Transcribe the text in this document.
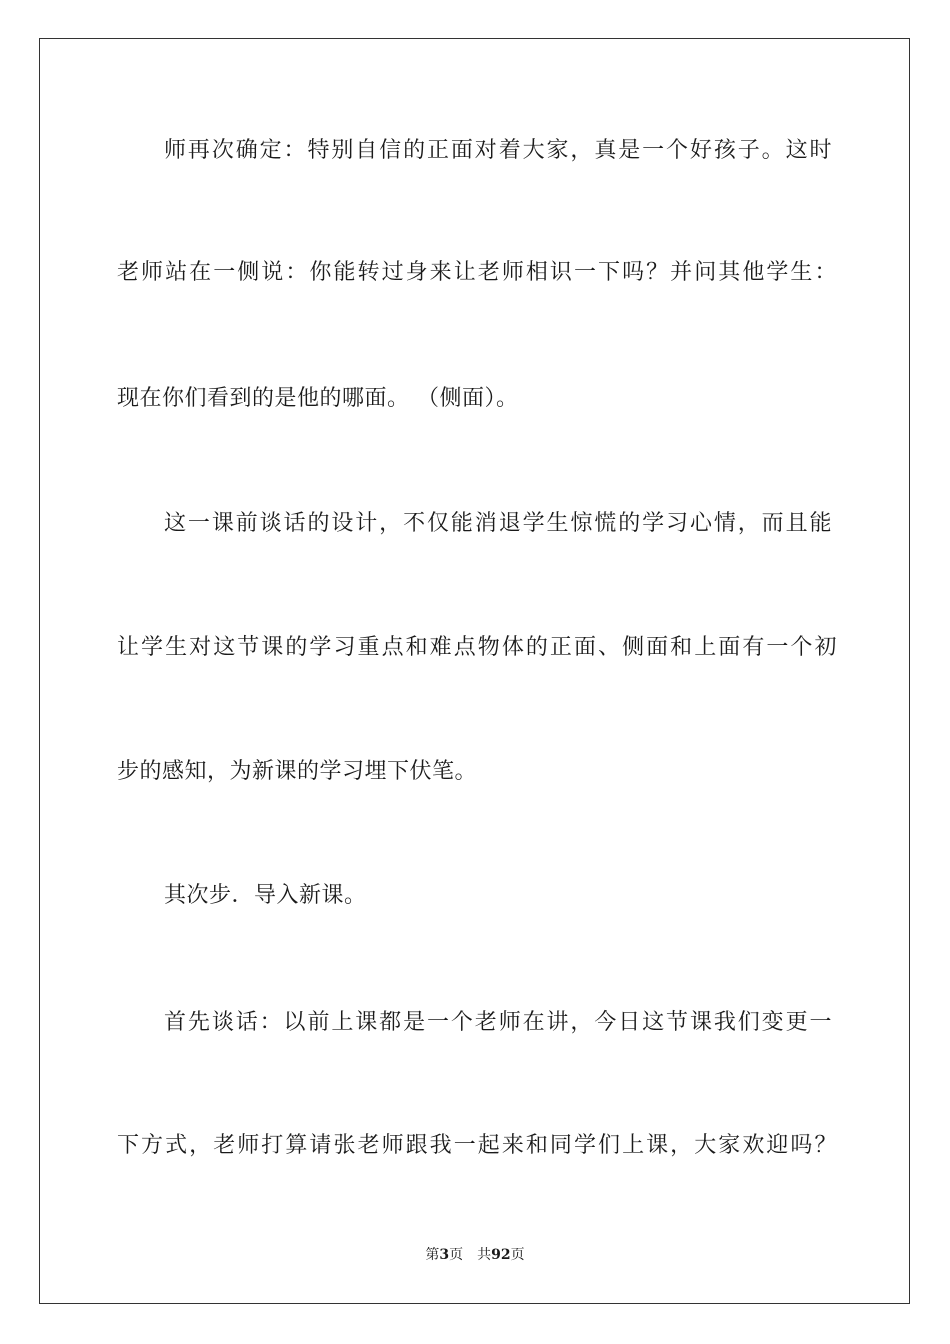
师再次确定：特别自信的正面对着大家，真是一个好孩子。这时
老师站在一侧说：你能转过身来让老师相识一下吗？并问其他学生：
现在你们看到的是他的哪面。 （侧面）。
这一课前谈话的设计，不仅能消退学生惊慌的学习心情，而且能
让学生对这节课的学习重点和难点物体的正面、侧面和上面有一个初
步的感知，为新课的学习埋下伏笔。
其次步．导入新课。
首先谈话：以前上课都是一个老师在讲，今日这节课我们变更一
下方式，老师打算请张老师跟我一起来和同学们上课，大家欢迎吗？
第3页 共92页
